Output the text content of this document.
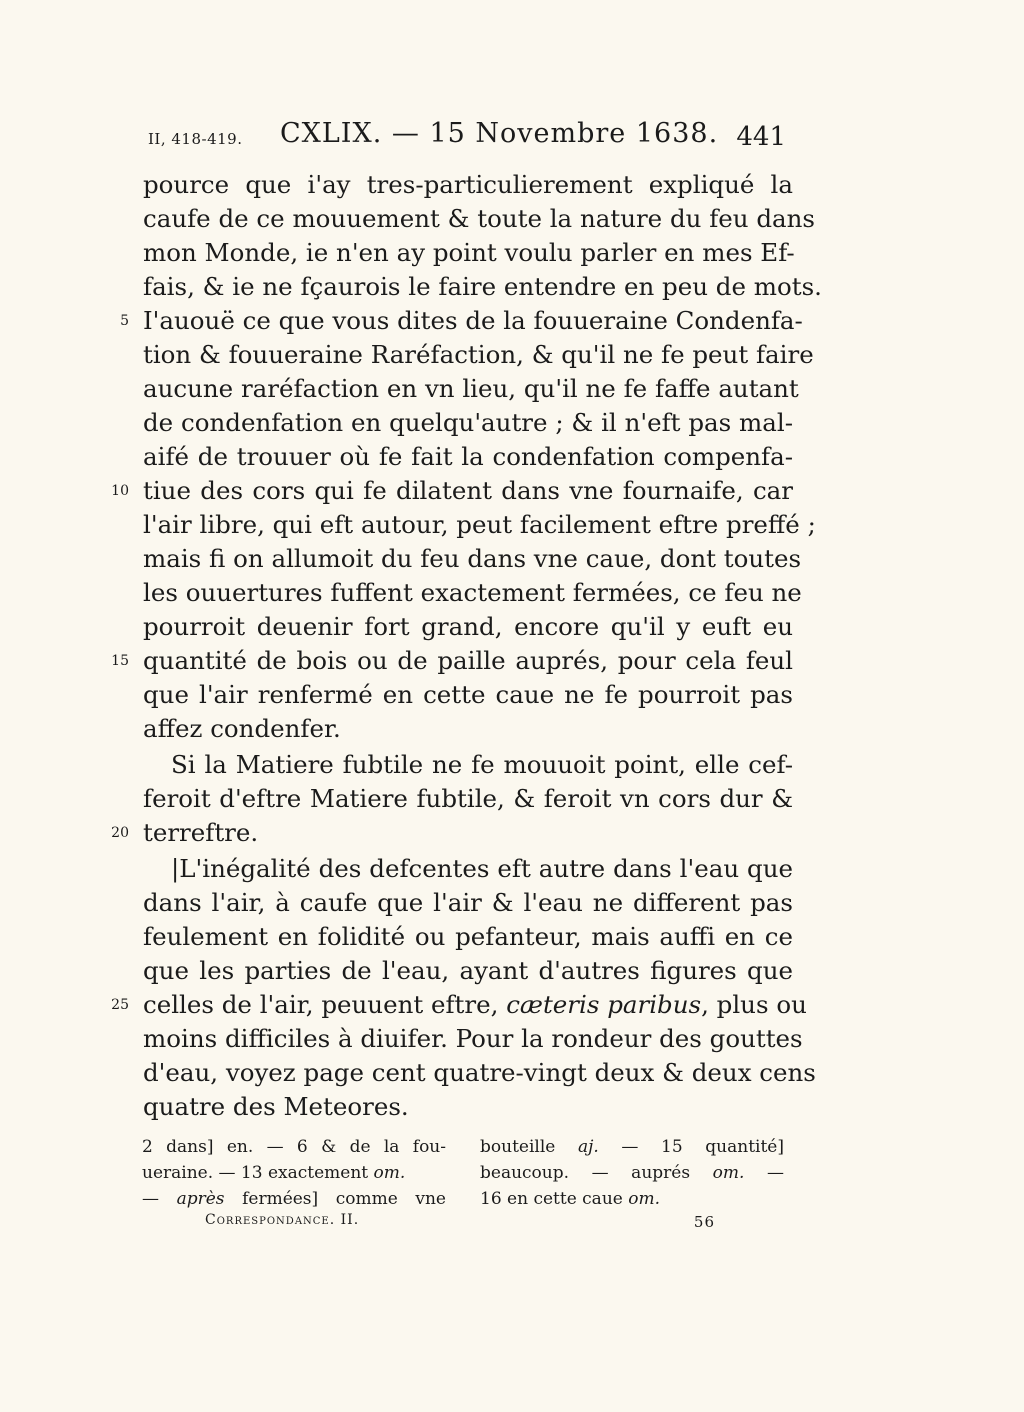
II, 418-419. CXLIX. — 15 Novembre 1638. 441
pource que i'ay tres-particulierement expliqué la
caufe de ce mouuement & toute la nature du feu dans
mon Monde, ie n'en ay point voulu parler en mes Ef-
fais, & ie ne fçaurois le faire entendre en peu de mots.
5 I'auouë ce que vous dites de la fouueraine Condenfa-
tion & fouueraine Raréfaction, & qu'il ne fe peut faire
aucune raréfaction en vn lieu, qu'il ne fe faffe autant
de condenfation en quelqu'autre ; & il n'eft pas mal-
aifé de trouuer où fe fait la condenfation compenfa-
10 tiue des cors qui fe dilatent dans vne fournaife, car
l'air libre, qui eft autour, peut facilement eftre preffé ;
mais fi on allumoit du feu dans vne caue, dont toutes
les ouuertures fuffent exactement fermées, ce feu ne
pourroit deuenir fort grand, encore qu'il y euft eu
15 quantité de bois ou de paille auprés, pour cela feul
que l'air renfermé en cette caue ne fe pourroit pas
affez condenfer.
Si la Matiere fubtile ne fe mouuoit point, elle cef-
feroit d'eftre Matiere fubtile, & feroit vn cors dur &
20 terreftre.
|L'inégalité des defcentes eft autre dans l'eau que
dans l'air, à caufe que l'air & l'eau ne different pas
feulement en folidité ou pefanteur, mais auffi en ce
que les parties de l'eau, ayant d'autres figures que
25 celles de l'air, peuuent eftre, cæteris paribus, plus ou
moins difficiles à diuifer. Pour la rondeur des gouttes
d'eau, voyez page cent quatre-vingt deux & deux cens
quatre des Meteores.
2 dans] en. — 6 & de la fou-
ueraine. — 13 exactement om.
— après fermées] comme vne
bouteille aj. — 15 quantité]
beaucoup. — auprés om. —
16 en cette caue om.
Correspondance. II.	56
